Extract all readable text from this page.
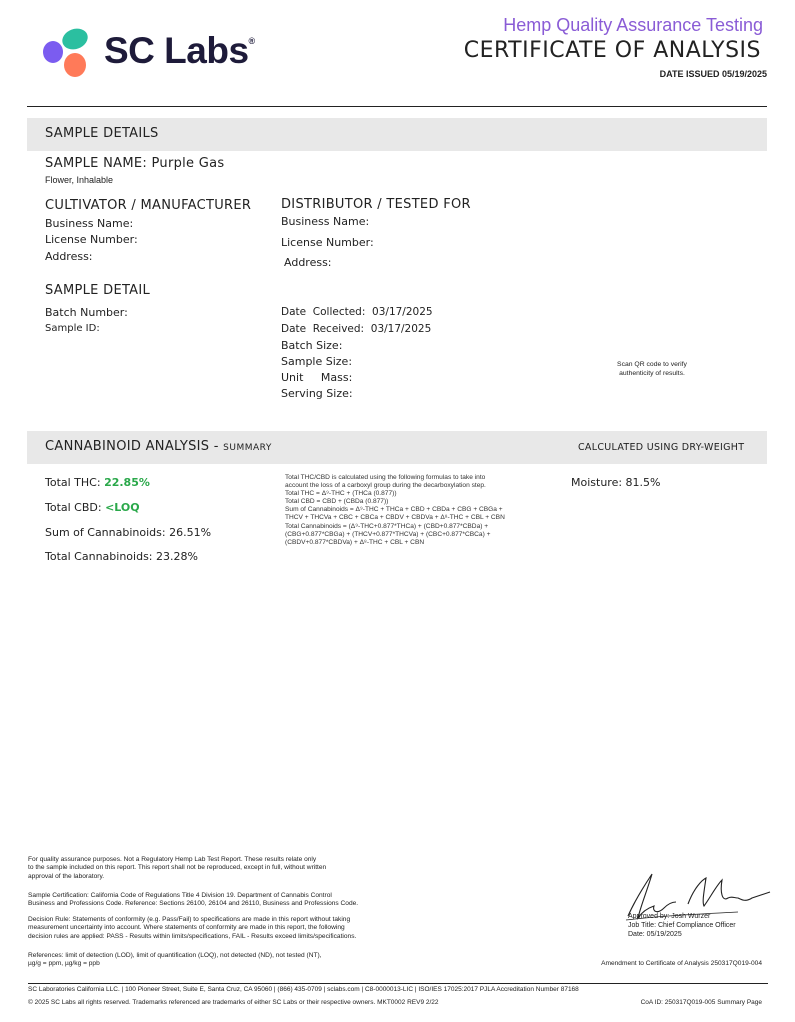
SC Labs®
Hemp Quality Assurance Testing
CERTIFICATE OF ANALYSIS
DATE ISSUED 05/19/2025
SAMPLE DETAILS
SAMPLE NAME: Purple Gas
Flower, Inhalable
CULTIVATOR / MANUFACTURER
Business Name:
License Number:
Address:
DISTRIBUTOR / TESTED FOR
Business Name:
License Number:
Address:
SAMPLE DETAIL
Batch Number:
Sample ID:
Date  Collected:  03/17/2025
Date  Received:  03/17/2025
Batch Size:
Sample Size:
Unit     Mass:
Serving Size:
Scan QR code to verify
authenticity of results.
CANNABINOID ANALYSIS - SUMMARY	CALCULATED USING DRY-WEIGHT
Total THC: 22.85%
Total CBD: <LOQ
Sum of Cannabinoids: 26.51%
Total Cannabinoids: 23.28%
Total THC/CBD is calculated using the following formulas to take into
account the loss of a carboxyl group during the decarboxylation step.
Total THC = Δ⁹-THC + (THCa (0.877))
Total CBD = CBD + (CBDa (0.877))
Sum of Cannabinoids = Δ⁹-THC + THCa + CBD + CBDa + CBG + CBGa +
THCV + THCVa + CBC + CBCa + CBDV + CBDVa + Δ⁸-THC + CBL + CBN
Total Cannabinoids = (Δ⁹-THC+0.877*THCa) + (CBD+0.877*CBDa) +
(CBG+0.877*CBGa) + (THCV+0.877*THCVa) + (CBC+0.877*CBCa) +
(CBDV+0.877*CBDVa) + Δ⁸-THC + CBL + CBN
Moisture: 81.5%
For quality assurance purposes. Not a Regulatory Hemp Lab Test Report. These results relate only
to the sample included on this report. This report shall not be reproduced, except in full, without written
approval of the laboratory.
Sample Certification: California Code of Regulations Title 4 Division 19. Department of Cannabis Control
Business and Professions Code. Reference: Sections 26100, 26104 and 26110, Business and Professions Code.
Decision Rule: Statements of conformity (e.g. Pass/Fail) to specifications are made in this report without taking
measurement uncertainty into account. Where statements of conformity are made in this report, the following
decision rules are applied: PASS - Results within limits/specifications, FAIL - Results exceed limits/specifications.
References: limit of detection (LOD), limit of quantification (LOQ), not detected (ND), not tested (NT),
µg/g = ppm, µg/kg = ppb
Approved by: Josh Wurzer
Job Title: Chief Compliance Officer
Date: 05/19/2025
Amendment to Certificate of Analysis 250317Q019-004
SC Laboratories California LLC. | 100 Pioneer Street, Suite E, Santa Cruz, CA 95060 | (866) 435-0709 | sclabs.com | C8-0000013-LIC | ISO/IES 17025:2017 PJLA Accreditation Number 87168
© 2025 SC Labs all rights reserved. Trademarks referenced are trademarks of either SC Labs or their respective owners. MKT0002 REV9 2/22	CoA ID: 250317Q019-005 Summary Page
